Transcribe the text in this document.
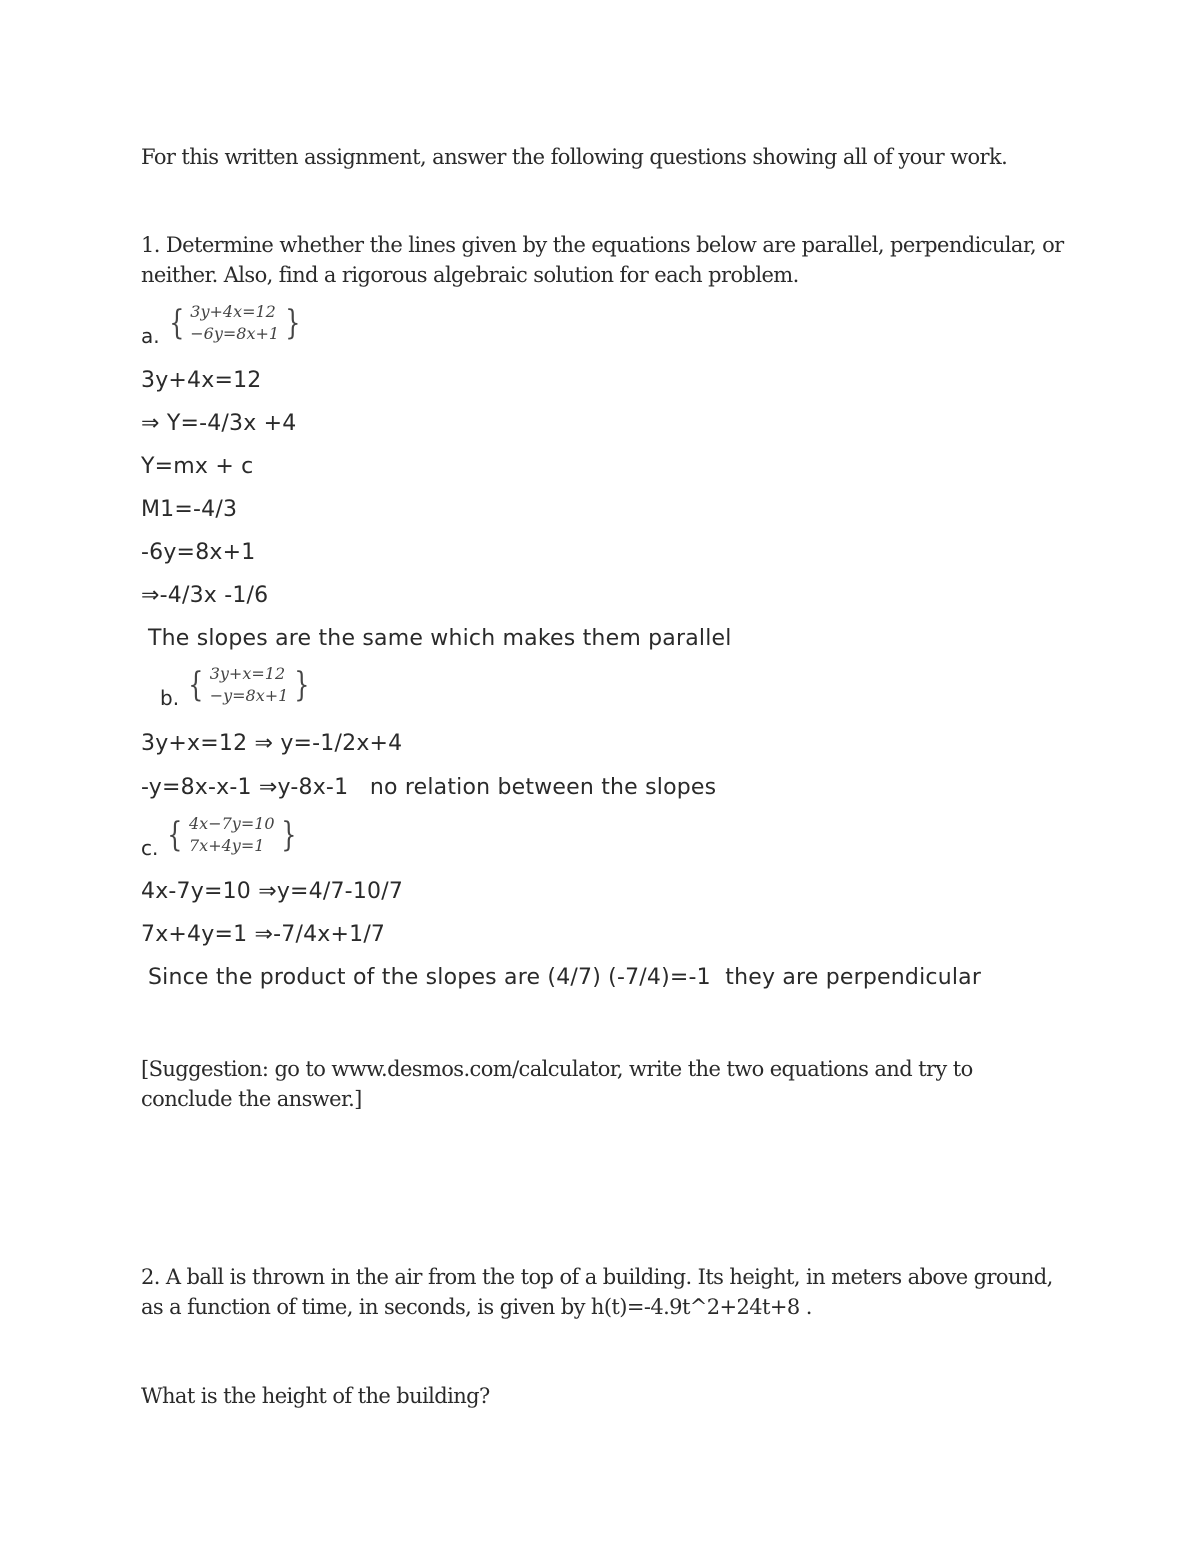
For this written assignment, answer the following questions showing all of your work.
1. Determine whether the lines given by the equations below are parallel, perpendicular, or
neither. Also, find a rigorous algebraic solution for each problem.
a. { 3y+4x=12
−6y=8x+1 }
3y+4x=12
⇒ Y=-4/3x +4
Y=mx + c
M1=-4/3
-6y=8x+1
⇒-4/3x -1/6
The slopes are the same which makes them parallel
b. { 3y+x=12
−y=8x+1 }
3y+x=12 ⇒ y=-1/2x+4
-y=8x-x-1 ⇒y-8x-1   no relation between the slopes
c. { 4x−7y=10
7x+4y=1 }
4x-7y=10 ⇒y=4/7-10/7
7x+4y=1 ⇒-7/4x+1/7
Since the product of the slopes are (4/7) (-7/4)=-1  they are perpendicular
[Suggestion: go to www.desmos.com/calculator, write the two equations and try to conclude the answer.]
2. A ball is thrown in the air from the top of a building. Its height, in meters above ground, as a function of time, in seconds, is given by h(t)=-4.9t^2+24t+8 .
What is the height of the building?
